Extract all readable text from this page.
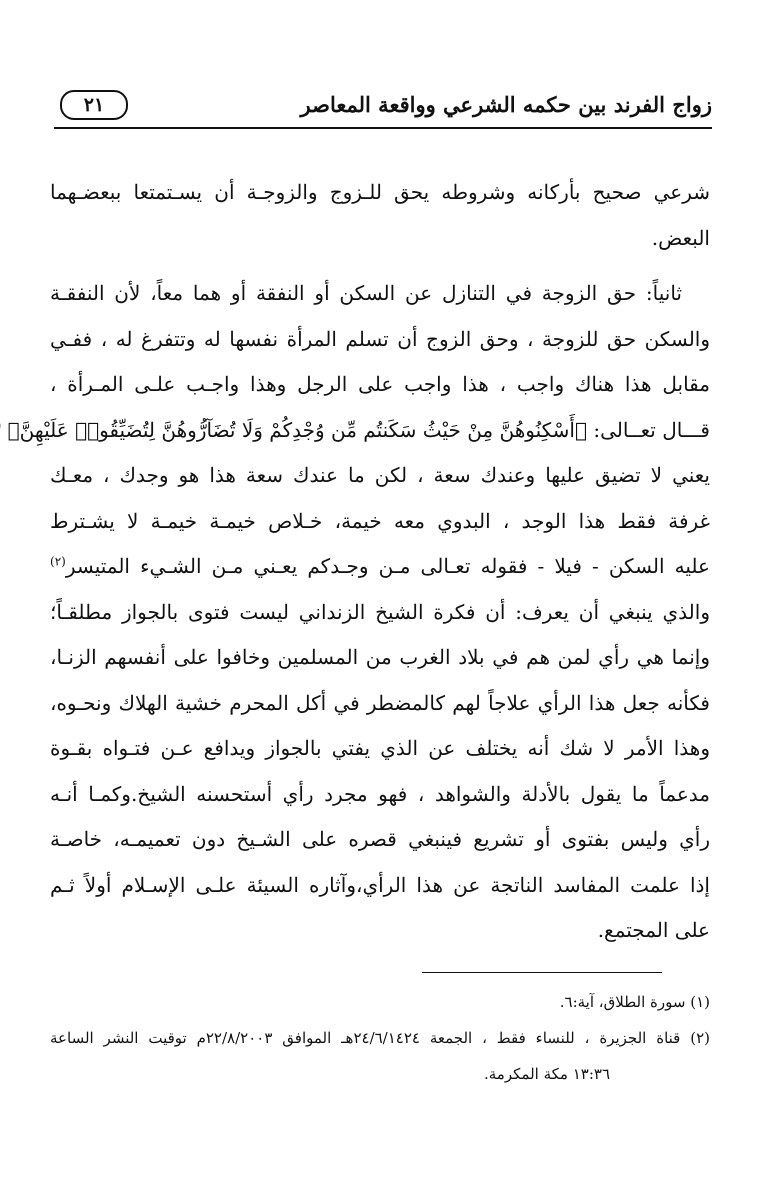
زواج الفرند بين حكمه الشرعي وواقعة المعاصر
٢١
شرعي صحيح بأركانه وشروطه يحق للـزوج والزوجـة أن يسـتمتعا ببعضـهما
البعض.
ثانياً: حق الزوجة في التنازل عن السكن أو النفقة أو هما معاً، لأن النفقـة
والسكن حق للزوجة ، وحق الزوج أن تسلم المرأة نفسها له وتتفرغ له ، ففـي
مقابل هذا هناك واجب ، هذا واجب على الرجل وهذا واجـب علـى المـرأة ،
قـــال تعــالى: ﴿أَسْكِنُوهُنَّ مِنْ حَيْثُ سَكَنتُم مِّن وُجْدِكُمْ وَلَا تُضَآرُّوهُنَّ لِتُضَيِّقُوا۟ عَلَيْهِنَّ﴾
يعني لا تضيق عليها وعندك سعة ، لكن ما عندك سعة هذا هو وجدك ، معـك
غرفة فقط هذا الوجد ، البدوي معه خيمة، خـلاص خيمـة خيمـة لا يشـترط
عليه السكن - فيلا - فقوله تعـالى مـن وجـدكم يعـني مـن الشـيء المتيسر$^{(٢)}$
والذي ينبغي أن يعرف: أن فكرة الشيخ الزنداني ليست فتوى بالجواز مطلقـاً؛
وإنما هي رأي لمن هم في بلاد الغرب من المسلمين وخافوا على أنفسهم الزنـا،
فكأنه جعل هذا الرأي علاجاً لهم كالمضطر في أكل المحرم خشية الهلاك ونحـوه،
وهذا الأمر لا شك أنه يختلف عن الذي يفتي بالجواز ويدافع عـن فتـواه بقـوة
مدعماً ما يقول بالأدلة والشواهد ، فهو مجرد رأي أستحسنه الشيخ.وكمـا أنـه
رأي وليس بفتوى أو تشريع فينبغي قصره على الشـيخ دون تعميمـه، خاصـة
إذا علمت المفاسد الناتجة عن هذا الرأي،وآثاره السيئة علـى الإسـلام أولاً ثـم
على المجتمع.
(١) سورة الطلاق، آية:٦.
(٢) قناة الجزيرة ، للنساء فقط ، الجمعة ٢٤/٦/١٤٢٤هـ الموافق ٢٢/٨/٢٠٠٣م توقيت النشر الساعة
١٣:٣٦ مكة المكرمة.
